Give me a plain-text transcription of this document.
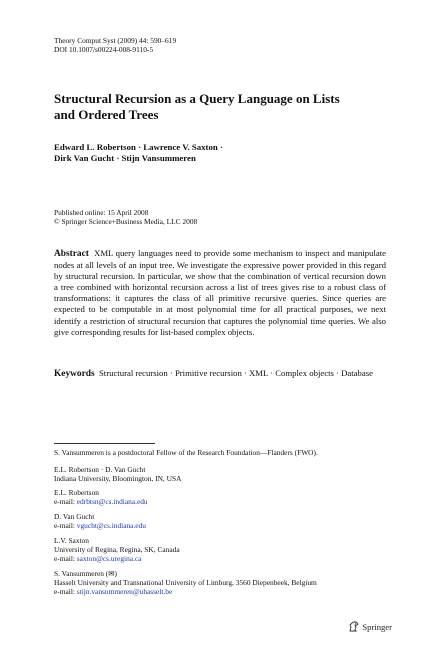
Theory Comput Syst (2009) 44: 590–619
DOI 10.1007/s00224-008-9110-5
Structural Recursion as a Query Language on Lists
and Ordered Trees
Edward L. Robertson · Lawrence V. Saxton ·
Dirk Van Gucht · Stijn Vansummeren
Published online: 15 April 2008
© Springer Science+Business Media, LLC 2008
Abstract XML query languages need to provide some mechanism to inspect and manipulate nodes at all levels of an input tree. We investigate the expressive power provided in this regard by structural recursion. In particular, we show that the combination of vertical recursion down a tree combined with horizontal recursion across a list of trees gives rise to a robust class of transformations: it captures the class of all primitive recursive queries. Since queries are expected to be computable in at most polynomial time for all practical purposes, we next identify a restriction of structural recursion that captures the polynomial time queries. We also give corresponding results for list-based complex objects.
Keywords Structural recursion · Primitive recursion · XML · Complex objects · Database
S. Vansummeren is a postdoctoral Fellow of the Research Foundation—Flanders (FWO).
E.L. Robertson · D. Van Gucht
Indiana University, Bloomington, IN, USA
E.L. Robertson
e-mail: edrbtsn@cs.indiana.edu
D. Van Gucht
e-mail: vgucht@cs.indiana.edu
L.V. Saxton
University of Regina, Regina, SK, Canada
e-mail: saxton@cs.uregina.ca
S. Vansummeren (✉)
Hasselt University and Transnational University of Limburg, 3560 Diepenbeek, Belgium
e-mail: stijn.vansummeren@uhasselt.be
Springer
